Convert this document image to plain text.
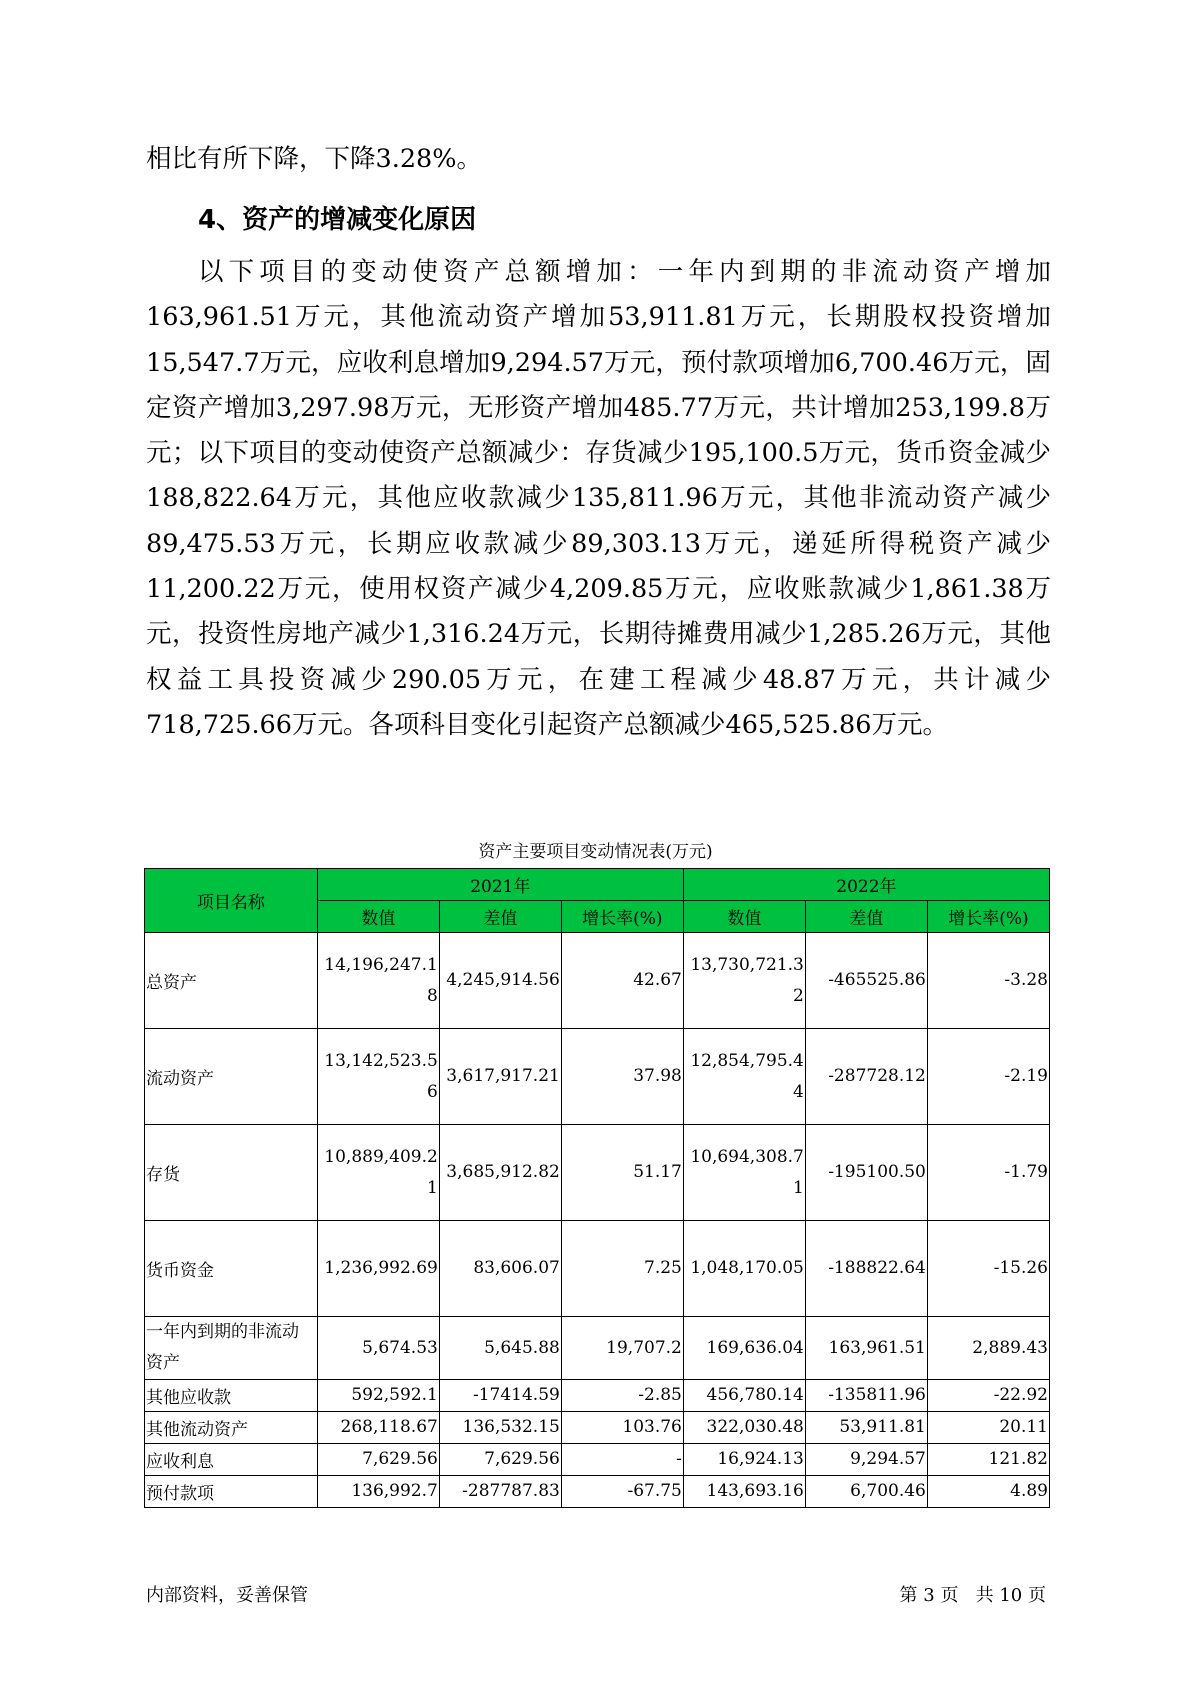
相比有所下降，下降3.28%。

4、资产的增减变化原因

以下项目的变动使资产总额增加：一年内到期的非流动资产增加163,961.51万元，其他流动资产增加53,911.81万元，长期股权投资增加15,547.7万元，应收利息增加9,294.57万元，预付款项增加6,700.46万元，固定资产增加3,297.98万元，无形资产增加485.77万元，共计增加253,199.8万元；以下项目的变动使资产总额减少：存货减少195,100.5万元，货币资金减少188,822.64万元，其他应收款减少135,811.96万元，其他非流动资产减少89,475.53万元，长期应收款减少89,303.13万元，递延所得税资产减少11,200.22万元，使用权资产减少4,209.85万元，应收账款减少1,861.38万元，投资性房地产减少1,316.24万元，长期待摊费用减少1,285.26万元，其他权益工具投资减少290.05万元，在建工程减少48.87万元，共计减少718,725.66万元。各项科目变化引起资产总额减少465,525.86万元。

资产主要项目变动情况表(万元)
项目名称	2021年			2022年		
	数值	差值	增长率(%)	数值	差值	增长率(%)
总资产	14,196,247.18	4,245,914.56	42.67	13,730,721.32	-465525.86	-3.28
流动资产	13,142,523.56	3,617,917.21	37.98	12,854,795.44	-287728.12	-2.19
存货	10,889,409.21	3,685,912.82	51.17	10,694,308.71	-195100.50	-1.79
货币资金	1,236,992.69	83,606.07	7.25	1,048,170.05	-188822.64	-15.26
一年内到期的非流动资产	5,674.53	5,645.88	19,707.2	169,636.04	163,961.51	2,889.43
其他应收款	592,592.1	-17414.59	-2.85	456,780.14	-135811.96	-22.92
其他流动资产	268,118.67	136,532.15	103.76	322,030.48	53,911.81	20.11
应收利息	7,629.56	7,629.56	-	16,924.13	9,294.57	121.82
预付款项	136,992.7	-287787.83	-67.75	143,693.16	6,700.46	4.89
内部资料，妥善保管	第 3 页 共 10 页
